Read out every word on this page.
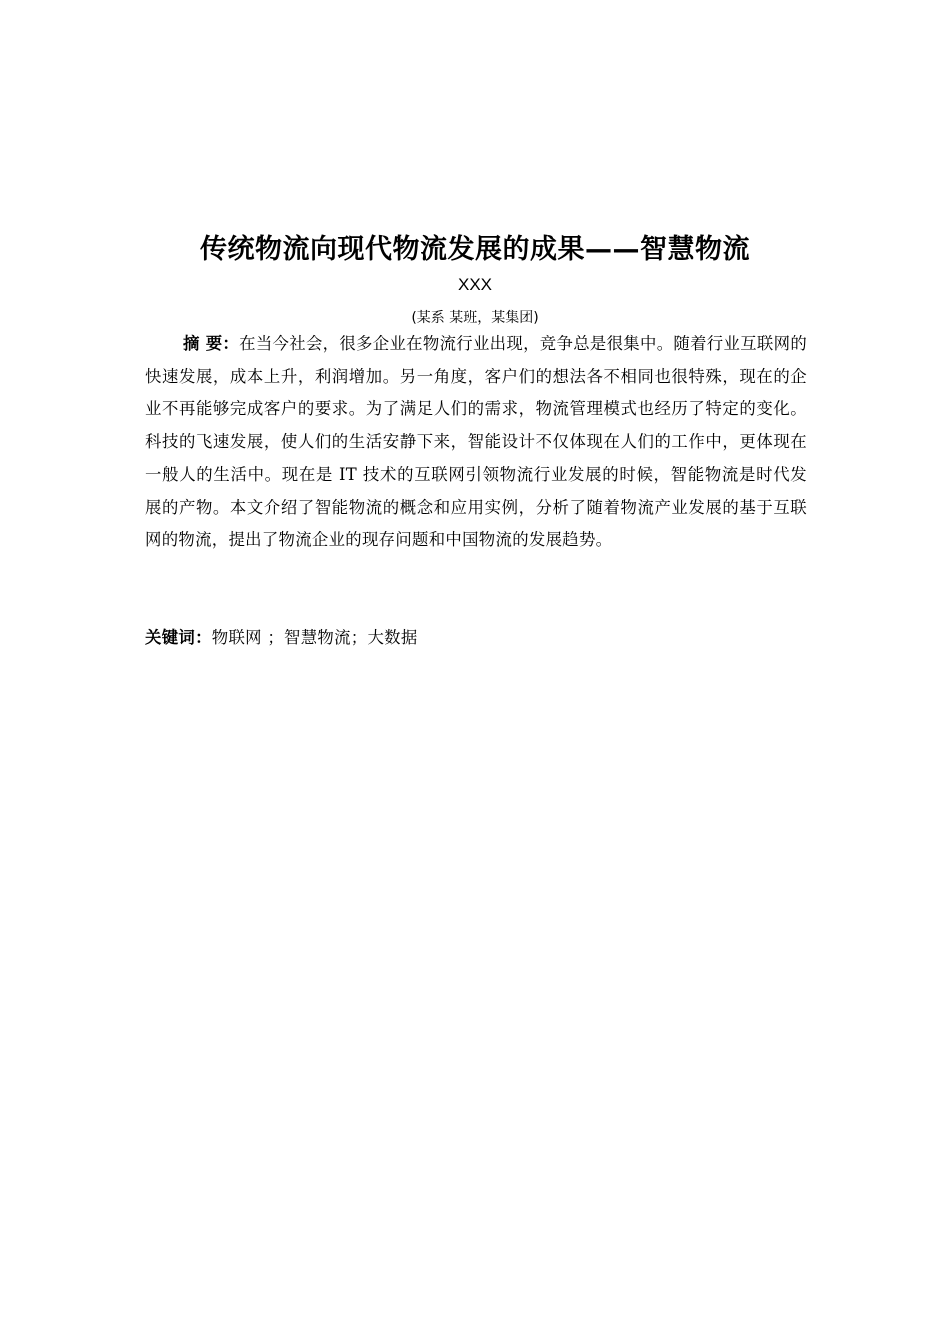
传统物流向现代物流发展的成果——智慧物流
XXX
(某系 某班，某集团)
摘 要：在当今社会，很多企业在物流行业出现，竞争总是很集中。随着行业互联网的快速发展，成本上升，利润增加。另一角度，客户们的想法各不相同也很特殊，现在的企业不再能够完成客户的要求。为了满足人们的需求，物流管理模式也经历了特定的变化。科技的飞速发展，使人们的生活安静下来，智能设计不仅体现在人们的工作中，更体现在一般人的生活中。现在是 IT 技术的互联网引领物流行业发展的时候，智能物流是时代发展的产物。本文介绍了智能物流的概念和应用实例，分析了随着物流产业发展的基于互联网的物流，提出了物流企业的现存问题和中国物流的发展趋势。
关键词：物联网 ；智慧物流；大数据
